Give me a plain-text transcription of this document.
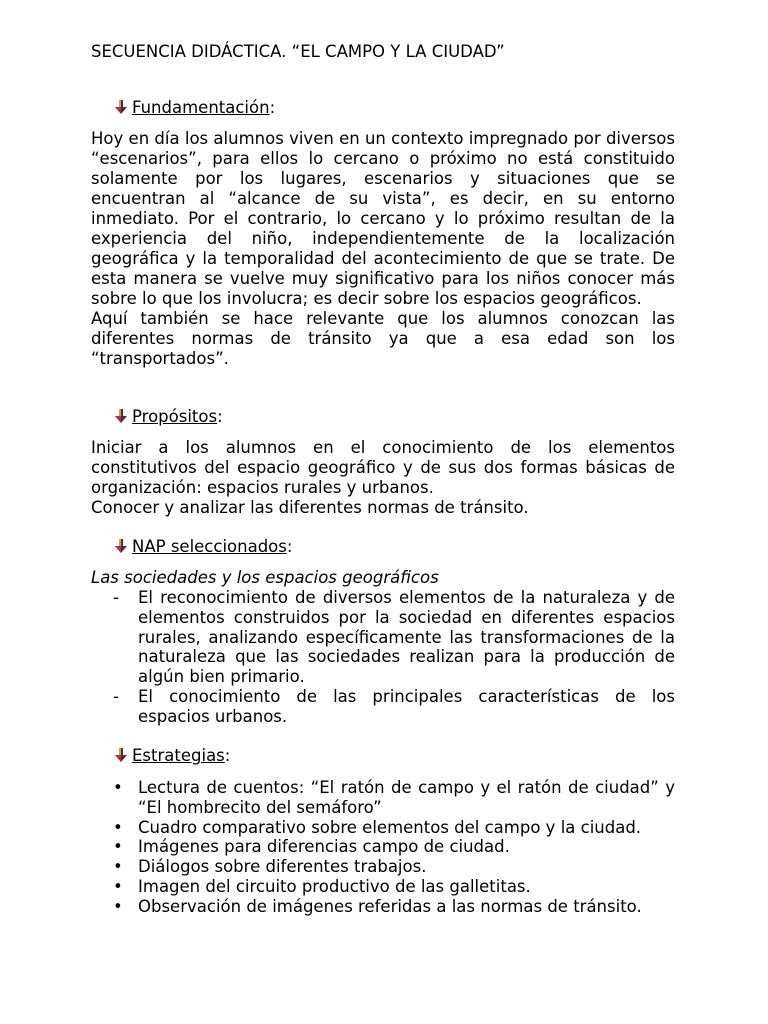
SECUENCIA DIDÁCTICA. “EL CAMPO Y LA CIUDAD”
Fundamentación:

Hoy en día los alumnos viven en un contexto impregnado por diversos “escenarios”, para ellos lo cercano o próximo no está constituido solamente por los lugares, escenarios y situaciones que se encuentran al “alcance de su vista”, es decir, en su entorno inmediato. Por el contrario, lo cercano y lo próximo resultan de la experiencia del niño, independientemente de la localización geográfica y la temporalidad del acontecimiento de que se trate. De esta manera se vuelve muy significativo para los niños conocer más sobre lo que los involucra; es decir sobre los espacios geográficos.

Aquí también se hace relevante que los alumnos conozcan las diferentes normas de tránsito ya que a esa edad son los “transportados”.

Propósitos:

Iniciar a los alumnos en el conocimiento de los elementos constitutivos del espacio geográfico y de sus dos formas básicas de organización: espacios rurales y urbanos.

Conocer y analizar las diferentes normas de tránsito.

NAP seleccionados:
Las sociedades y los espacios geográficos
- El reconocimiento de diversos elementos de la naturaleza y de elementos construidos por la sociedad en diferentes espacios rurales, analizando específicamente las transformaciones de la naturaleza que las sociedades realizan para la producción de algún bien primario.
- El conocimiento de las principales características de los espacios urbanos.
Estrategias:
• Lectura de cuentos: “El ratón de campo y el ratón de ciudad” y “El hombrecito del semáforo”
• Cuadro comparativo sobre elementos del campo y la ciudad.
• Imágenes para diferencias campo de ciudad.
• Diálogos sobre diferentes trabajos.
• Imagen del circuito productivo de las galletitas.
• Observación de imágenes referidas a las normas de tránsito.
